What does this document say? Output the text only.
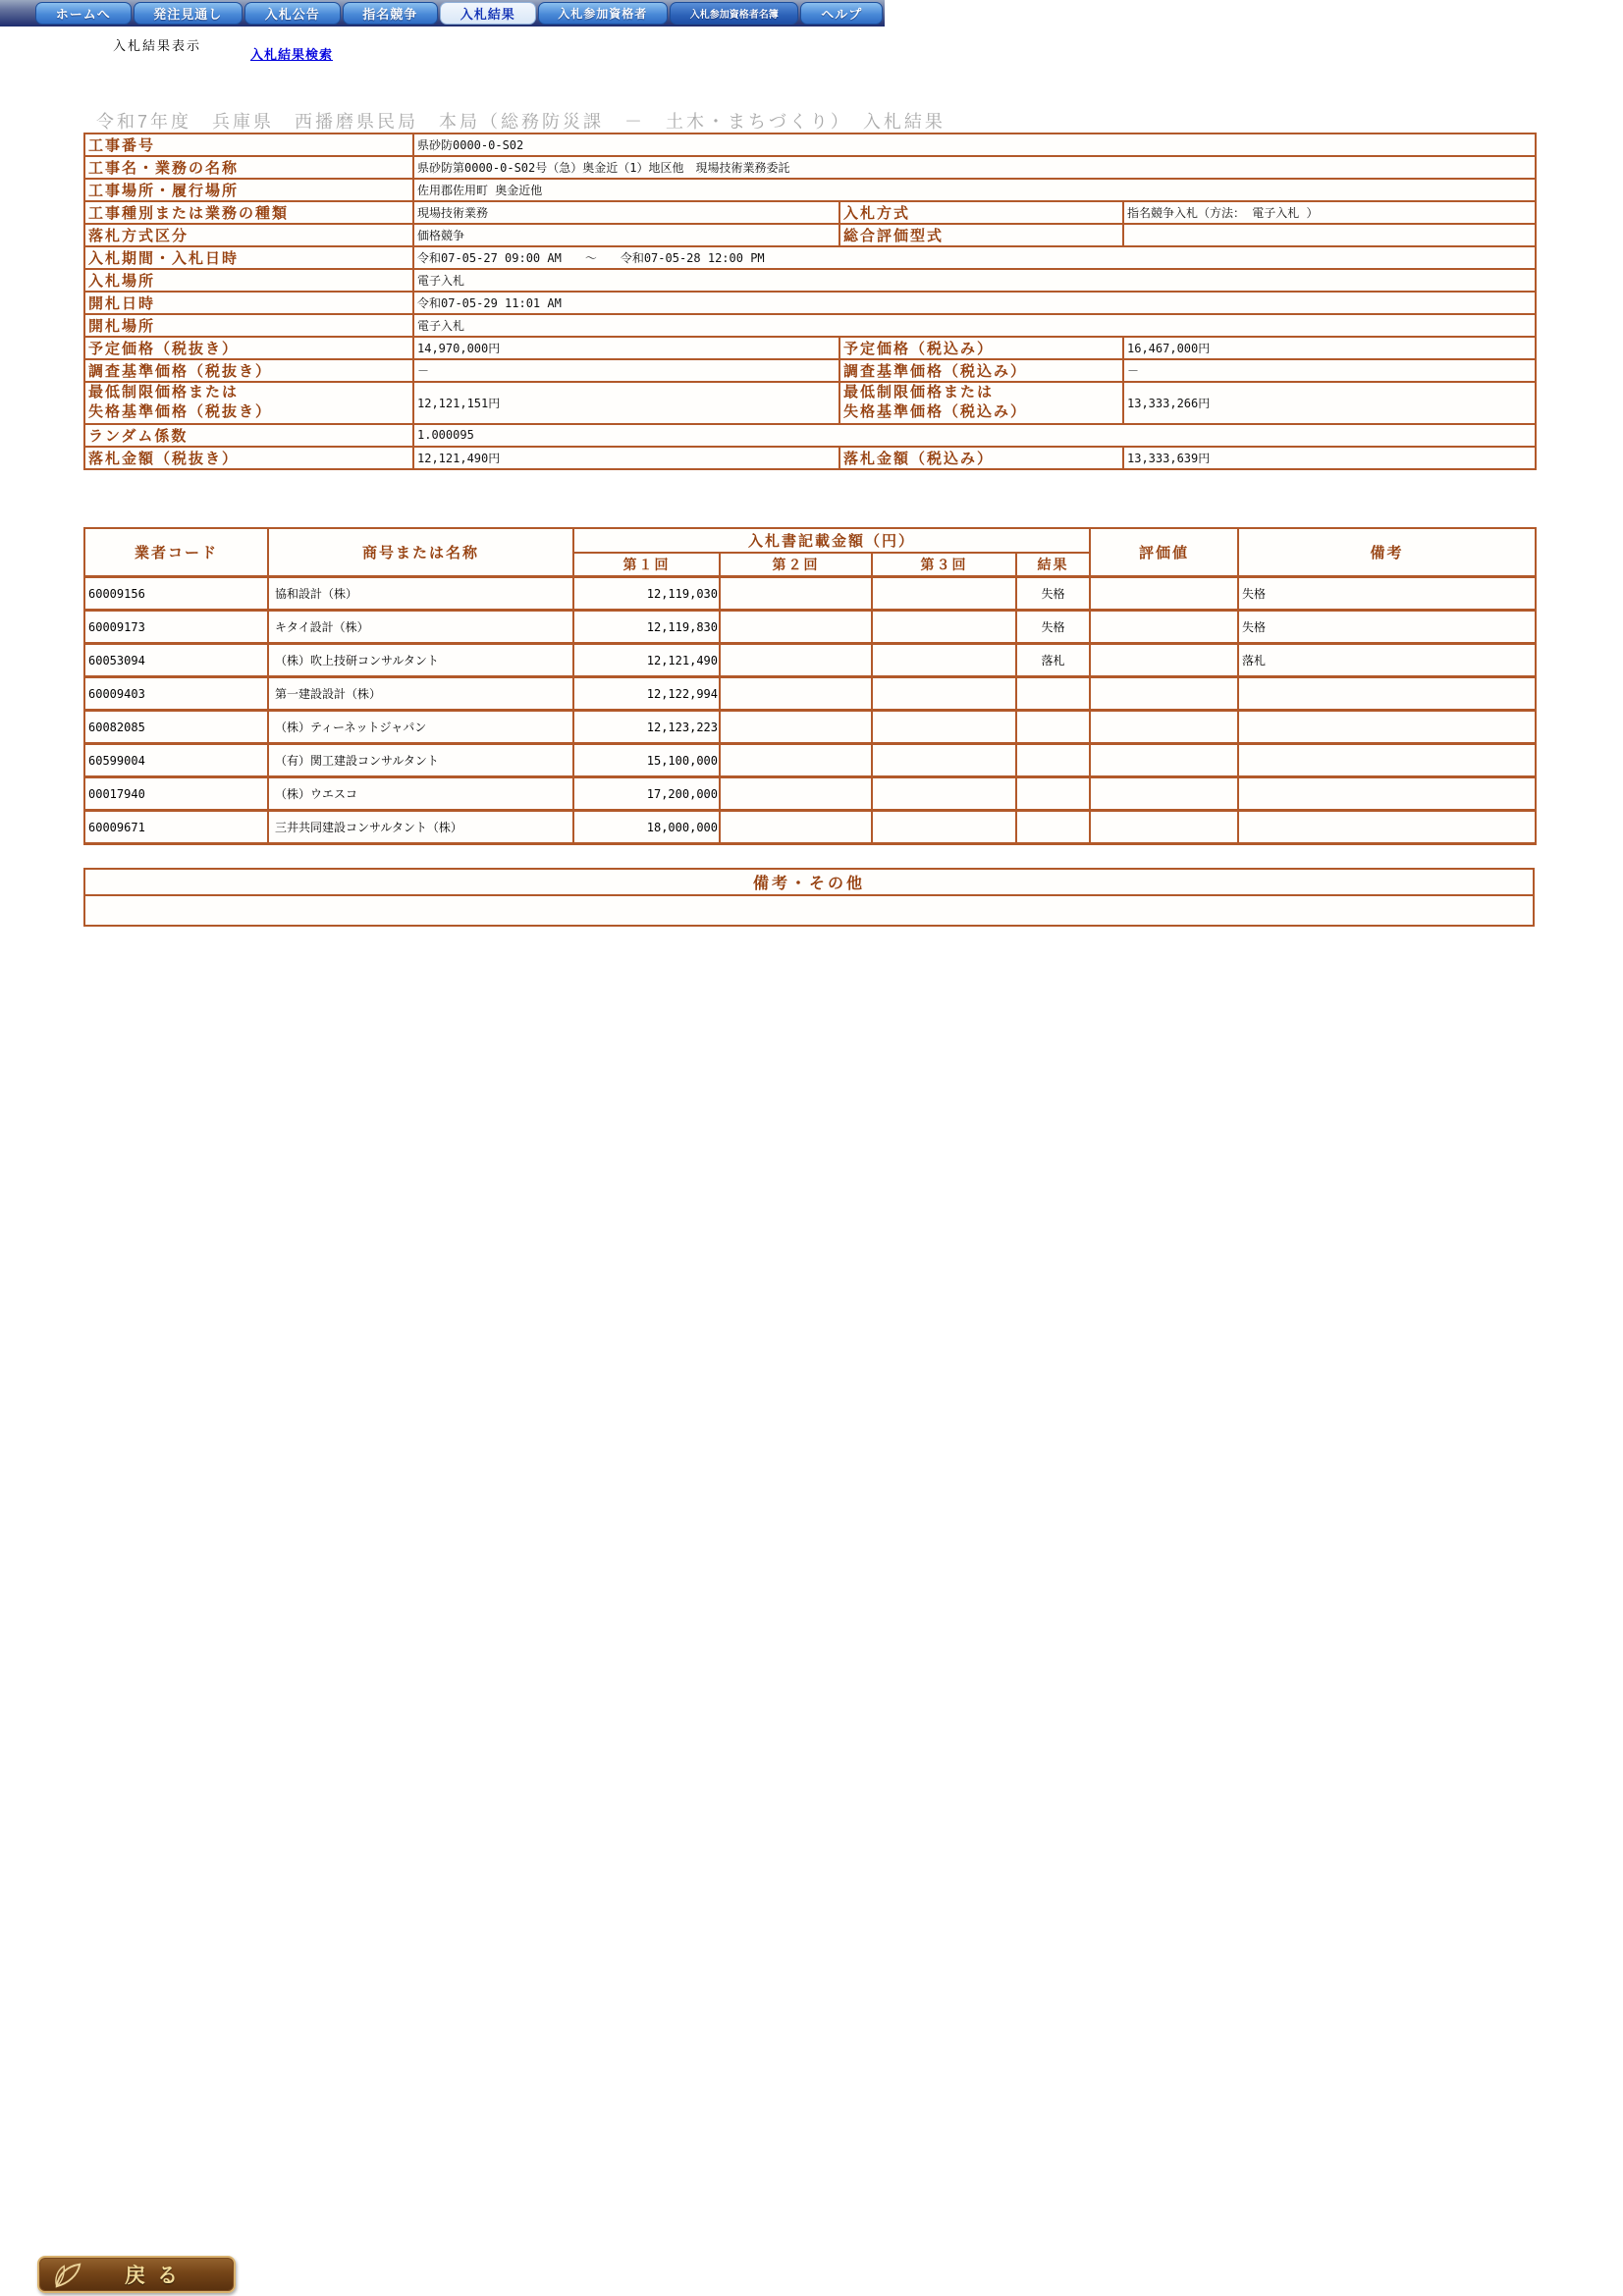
ホームへ	発注見通し	入札公告	指名競争	入札結果	入札参加資格者	入札参加資格者名簿	ヘルプ
入札結果表示
入札結果検索
令和7年度　兵庫県　西播磨県民局　本局（総務防災課　－　土木・まちづくり）　入札結果
工事番号	県砂防0000-0-S02		
工事名・業務の名称	県砂防第0000-0-S02号（急）奥金近（1）地区他　現場技術業務委託		
工事場所・履行場所	佐用郡佐用町 奥金近他		
工事種別または業務の種類	現場技術業務	入札方式	指名競争入札（方法： 電子入札 ）
落札方式区分	価格競争	総合評価型式	
入札期間・入札日時	令和07-05-27 09:00 AM　　～　　令和07-05-28 12:00 PM		
入札場所	電子入札		
開札日時	令和07-05-29 11:01 AM		
開札場所	電子入札		
予定価格（税抜き）	14,970,000円	予定価格（税込み）	16,467,000円
調査基準価格（税抜き）	－	調査基準価格（税込み）	－

最低制限価格または
失格基準価格（税抜き）	12,121,151円	最低制限価格または
失格基準価格（税込み）	13,333,266円
ランダム係数	1.000095		
落札金額（税抜き）	12,121,490円	落札金額（税込み）	13,333,639円
業者コード	商号または名称	入札書記載金額（円）				評価値	備考
		第１回	第２回	第３回	結果		
60009156	協和設計（株）	12,119,030			失格		失格
60009173	キタイ設計（株）	12,119,830			失格		失格
60053094	（株）吹上技研コンサルタント	12,121,490			落札		落札
60009403	第一建設設計（株）	12,122,994					
60082085	（株）ティーネットジャパン	12,123,223					
60599004	（有）関工建設コンサルタント	15,100,000					
00017940	（株）ウエスコ	17,200,000					
60009671	三井共同建設コンサルタント（株）	18,000,000					
備考・その他

戻る
